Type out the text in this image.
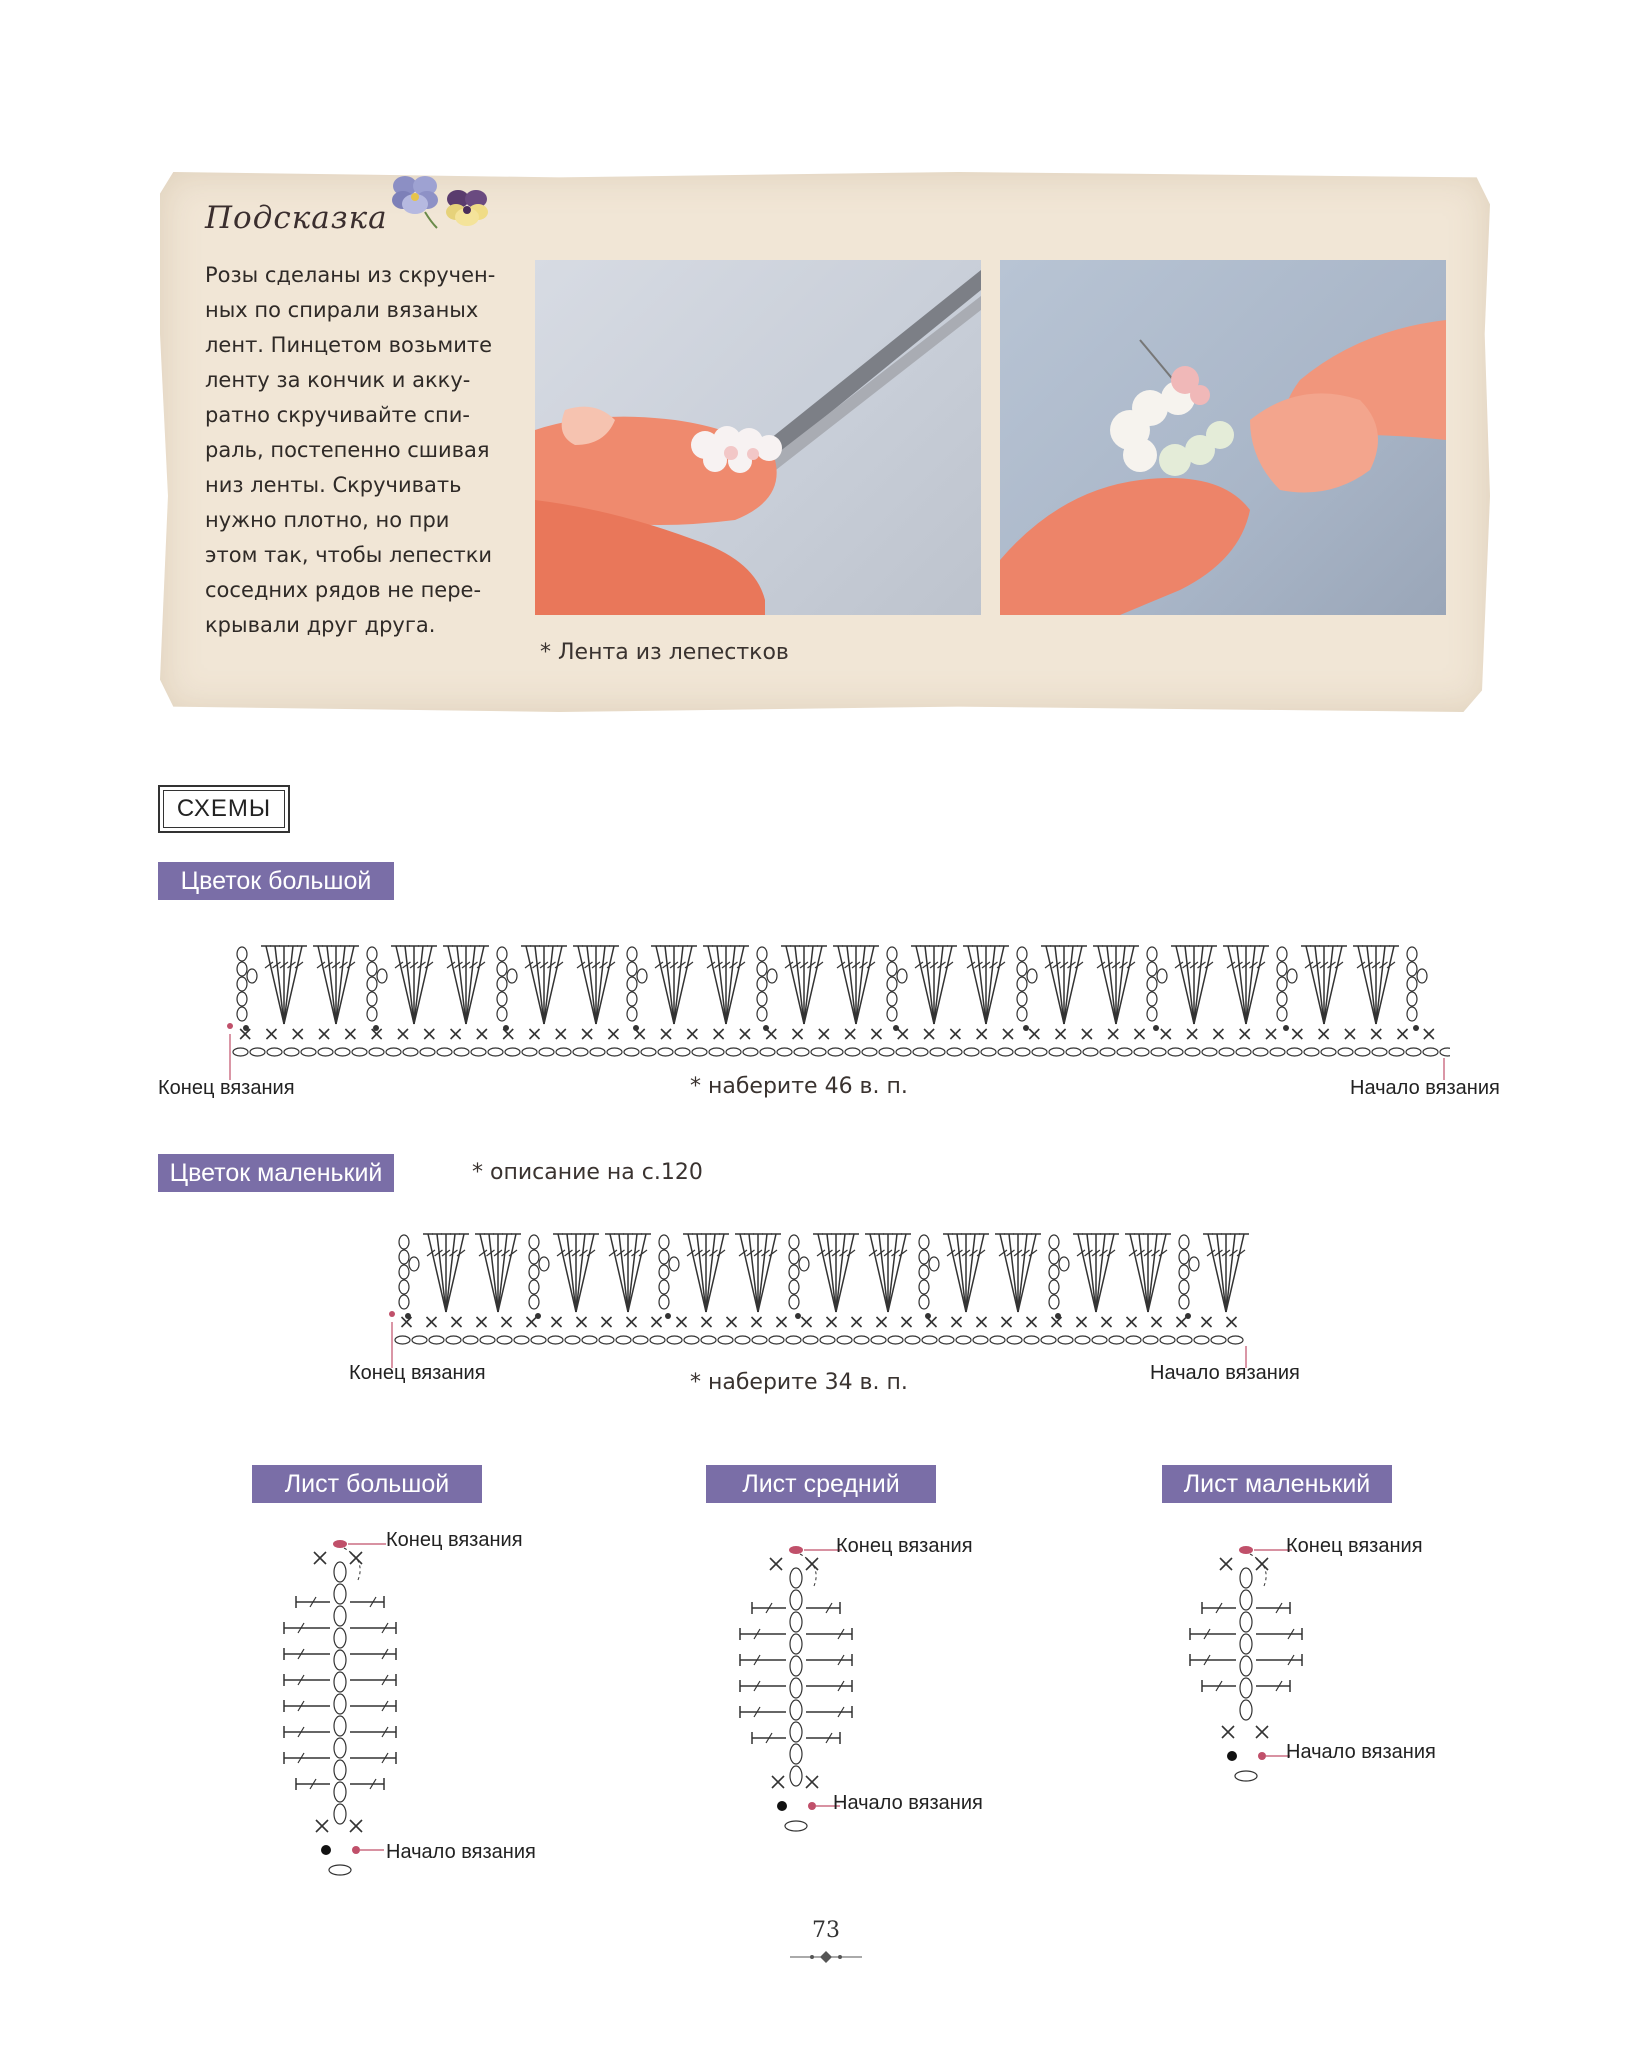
Подсказка
Розы сделаны из скручен-
ных по спирали вязаных
лент. Пинцетом возьмите
ленту за кончик и акку-
ратно скручивайте спи-
раль, постепенно сшивая
низ ленты. Скручивать
нужно плотно, но при
этом так, чтобы лепестки
соседних рядов не пере-
крывали друг друга.
* Лента из лепестков
СХЕМЫ
Цветок большой
Конец вязания	* наберите 46 в. п.	Начало вязания
Цветок маленький	* описание на с.120
Конец вязания	* наберите 34 в. п.	Начало вязания
Лист большой	Лист средний	Лист маленький
Конец вязания
Начало вязания
Конец вязания
Начало вязания
Конец вязания
Начало вязания
73
